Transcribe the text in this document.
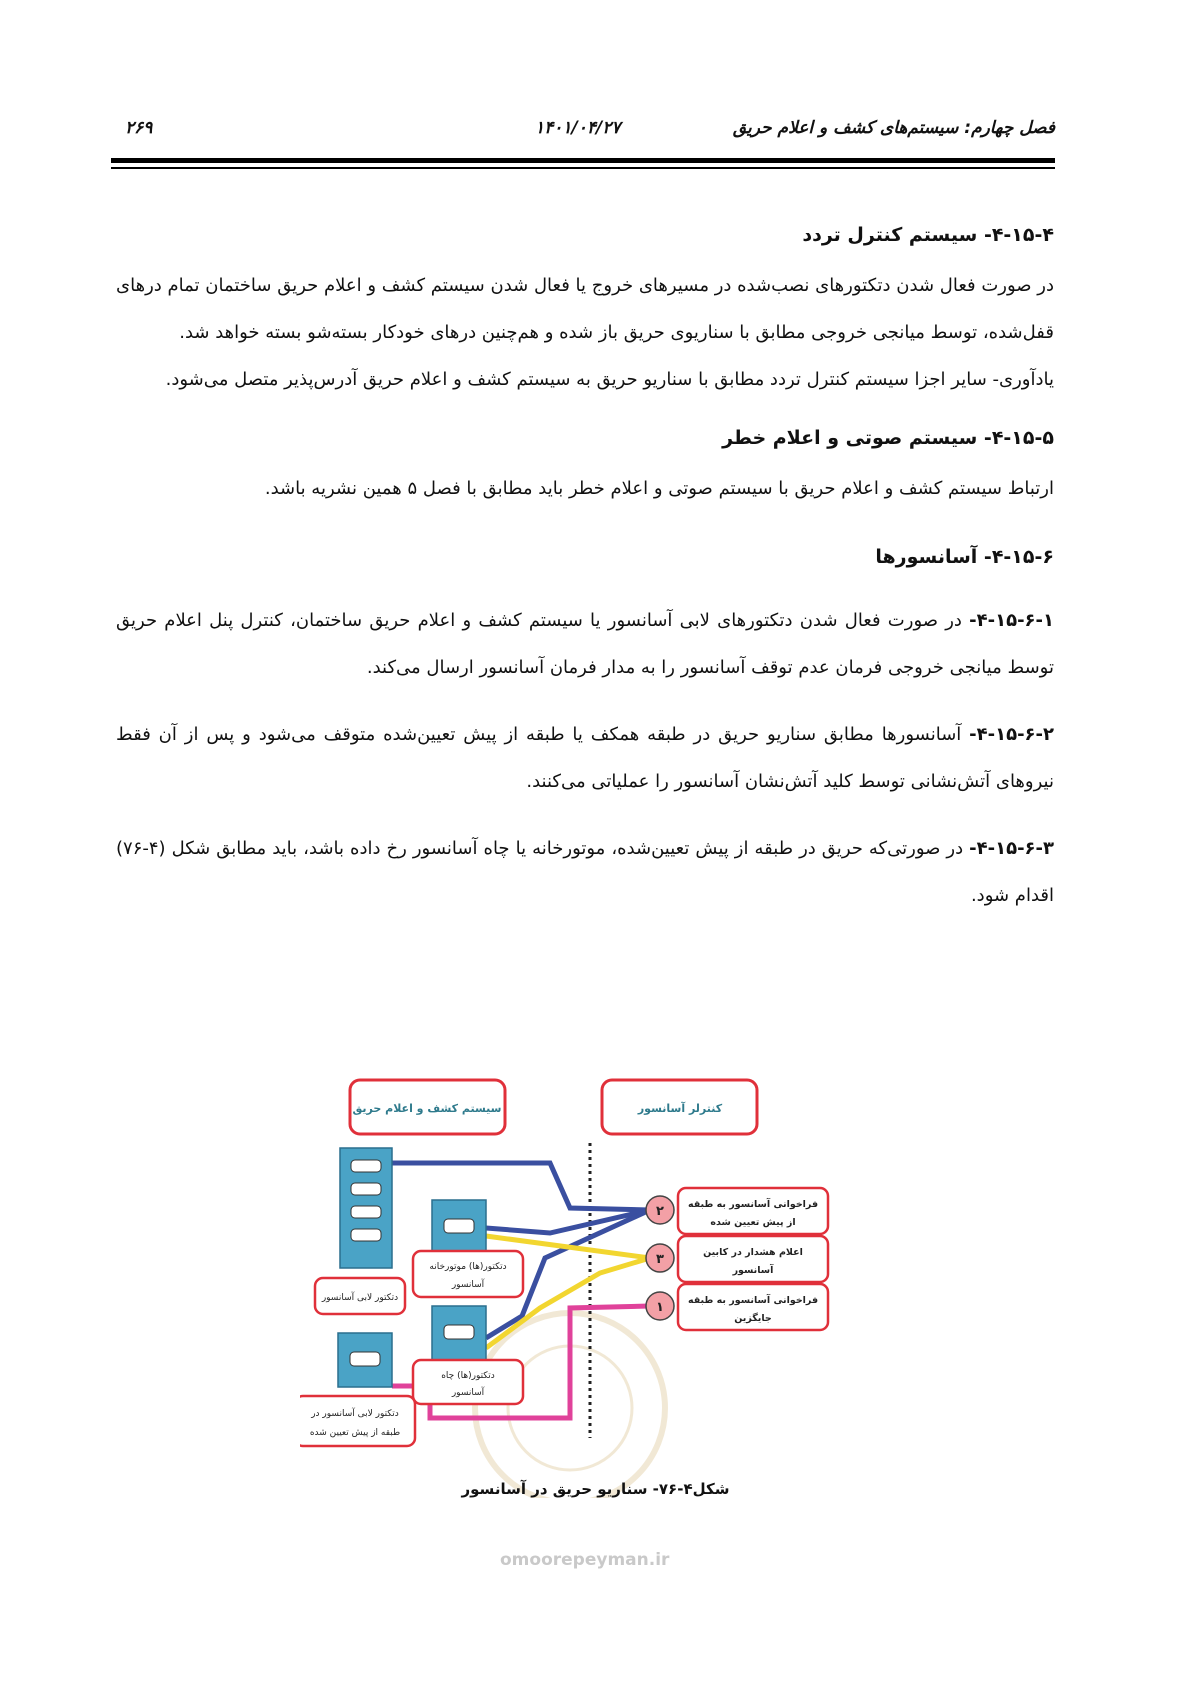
فصل چهارم: سیستم‌های کشف و اعلام حریق
۱۴۰۱/۰۴/۲۷
۲۶۹
۴-۱۵-۴- سیستم کنترل تردد

در صورت فعال شدن دتکتورهای نصب‌شده در مسیرهای خروج یا فعال شدن سیستم کشف و اعلام حریق ساختمان تمام درهای قفل‌شده، توسط میانجی خروجی مطابق با سناریوی حریق باز شده و هم‌چنین درهای خودکار بسته‌شو بسته خواهد شد.

یادآوری- سایر اجزا سیستم کنترل تردد مطابق با سناریو حریق به سیستم کشف و اعلام حریق آدرس‌پذیر متصل می‌شود.

۴-۱۵-۵- سیستم صوتی و اعلام خطر

ارتباط سیستم کشف و اعلام حریق با سیستم صوتی و اعلام خطر باید مطابق با فصل ۵ همین نشریه باشد.

۴-۱۵-۶- آسانسورها

۴-۱۵-۶-۱- در صورت فعال شدن دتکتورهای لابی آسانسور یا سیستم کشف و اعلام حریق ساختمان، کنترل پنل اعلام حریق توسط میانجی خروجی فرمان عدم توقف آسانسور را به مدار فرمان آسانسور ارسال می‌کند.

۴-۱۵-۶-۲- آسانسورها مطابق سناریو حریق در طبقه همکف یا طبقه از پیش تعیین‌شده متوقف می‌شود و پس از آن فقط نیروهای آتش‌نشانی توسط کلید آتش‌نشان آسانسور را عملیاتی می‌کنند.

۴-۱۵-۶-۳- در صورتی‌که حریق در طبقه از پیش تعیین‌شده، موتورخانه یا چاه آسانسور رخ داده باشد، باید مطابق شکل (۴-۷۶) اقدام شود.

سیستم کشف و اعلام حریق	کنترلر آسانسور
دتکتور لابی آسانسور
دتکتور(ها) موتورخانه
آسانسور
دتکتور(ها) چاه
آسانسور
دتکتور لابی آسانسور در
طبقه از پیش تعیین شده
۲
۳
۱
فراخوانی آسانسور به طبقه
از پیش تعیین شده
اعلام هشدار در کابین
آسانسور
فراخوانی آسانسور به طبقه
جایگزین
شکل۴-۷۶- سناریو حریق در آسانسور
omoorepeyman.ir
